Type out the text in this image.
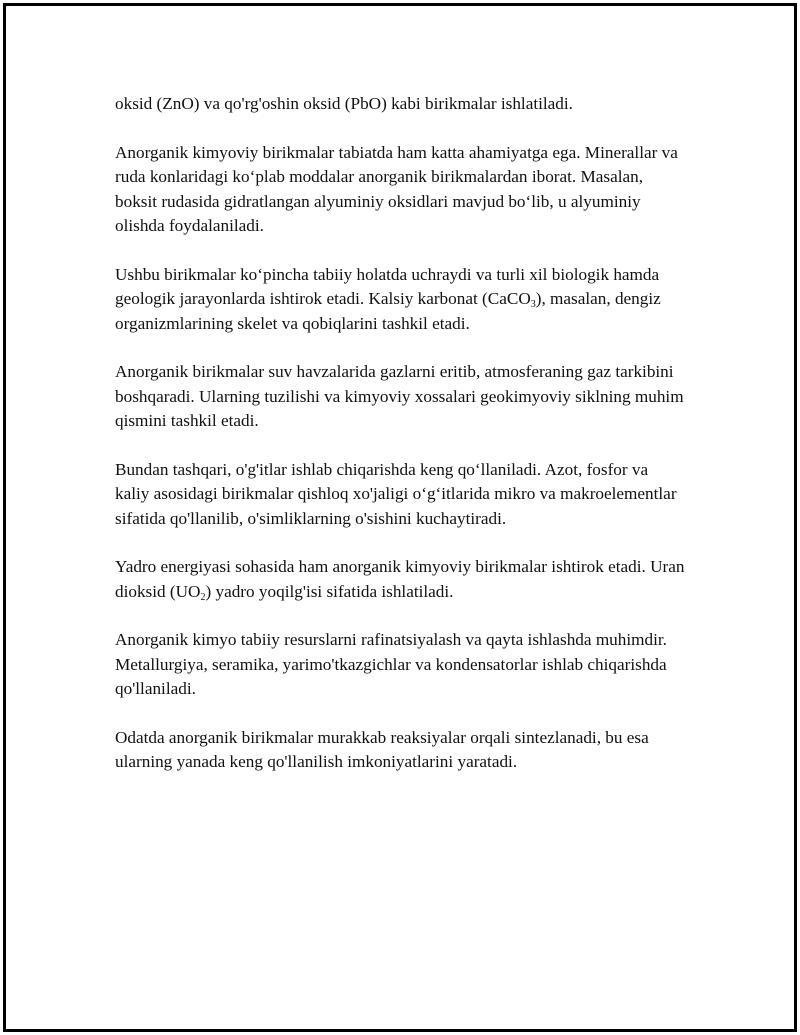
oksid (ZnO) va qo'rg'oshin oksid (PbO) kabi birikmalar ishlatiladi.

Anorganik kimyoviy birikmalar tabiatda ham katta ahamiyatga ega. Minerallar va ruda konlaridagi koʻplab moddalar anorganik birikmalardan iborat. Masalan, boksit rudasida gidratlangan alyuminiy oksidlari mavjud boʻlib, u alyuminiy olishda foydalaniladi.

Ushbu birikmalar koʻpincha tabiiy holatda uchraydi va turli xil biologik hamda geologik jarayonlarda ishtirok etadi. Kalsiy karbonat (CaCO$_3$), masalan, dengiz organizmlarining skelet va qobiqlarini tashkil etadi.

Anorganik birikmalar suv havzalarida gazlarni eritib, atmosferaning gaz tarkibini boshqaradi. Ularning tuzilishi va kimyoviy xossalari geokimyoviy siklning muhim qismini tashkil etadi.

Bundan tashqari, o'g'itlar ishlab chiqarishda keng qoʻllaniladi. Azot, fosfor va kaliy asosidagi birikmalar qishloq xo'jaligi oʻgʻitlarida mikro va makroelementlar sifatida qo'llanilib, o'simliklarning o'sishini kuchaytiradi.

Yadro energiyasi sohasida ham anorganik kimyoviy birikmalar ishtirok etadi. Uran dioksid $(UO_2)$ yadro yoqilg'isi sifatida ishlatiladi.

Anorganik kimyo tabiiy resurslarni rafinatsiyalash va qayta ishlashda muhimdir. Metallurgiya, seramika, yarimo'tkazgichlar va kondensatorlar ishlab chiqarishda qo'llaniladi.

Odatda anorganik birikmalar murakkab reaksiyalar orqali sintezlanadi, bu esa ularning yanada keng qo'llanilish imkoniyatlarini yaratadi.
